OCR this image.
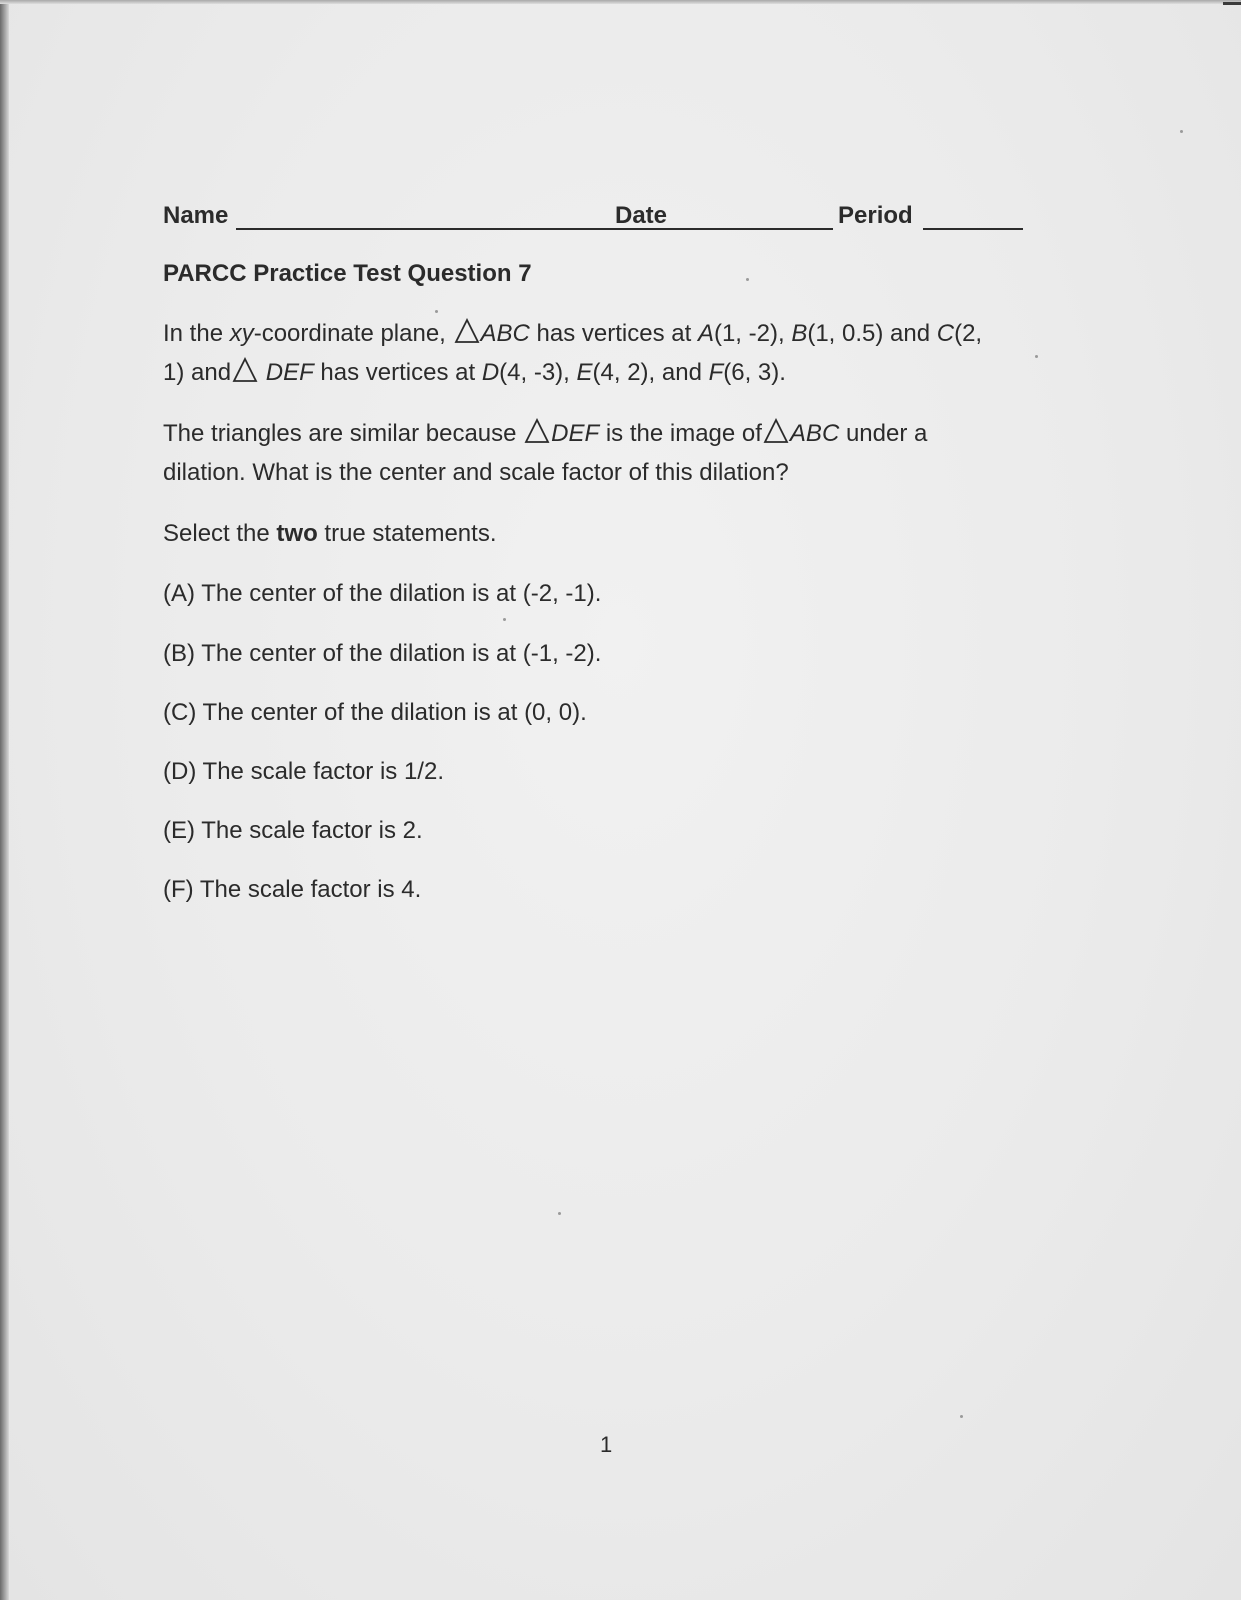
Name	Date	Period
PARCC Practice Test Question 7
In the xy-coordinate plane,
ABC has vertices at A(1, -2), B(1, 0.5) and C(2,
1) and
DEF has vertices at D(4, -3), E(4, 2), and F(6, 3).
The triangles are similar because
DEF is the image of ABC under a
dilation. What is the center and scale factor of this dilation?
Select the two true statements.
(A) The center of the dilation is at (-2, -1).
(B) The center of the dilation is at (-1, -2).
(C) The center of the dilation is at (0, 0).
(D) The scale factor is 1/2.
(E) The scale factor is 2.
(F) The scale factor is 4.
1
